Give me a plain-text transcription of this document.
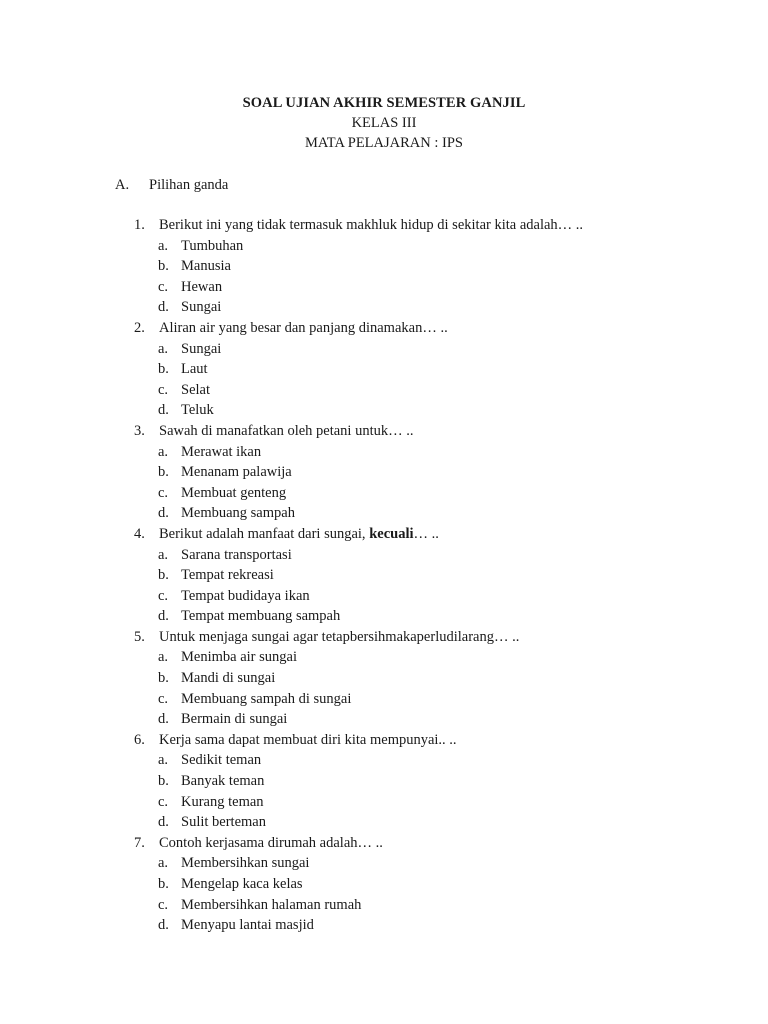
SOAL UJIAN AKHIR SEMESTER GANJIL
KELAS III
MATA PELAJARAN : IPS
A.	Pilihan ganda
1. Berikut ini yang tidak termasuk makhluk hidup di sekitar kita adalah… ..
a. Tumbuhan
b. Manusia
c. Hewan
d. Sungai
2. Aliran air yang besar dan panjang dinamakan… ..
a. Sungai
b. Laut
c. Selat
d. Teluk
3. Sawah di manafatkan oleh petani untuk… ..
a. Merawat ikan
b. Menanam palawija
c. Membuat genteng
d. Membuang sampah
4. Berikut adalah manfaat dari sungai, kecuali … ..
a. Sarana transportasi
b. Tempat rekreasi
c. Tempat budidaya ikan
d. Tempat membuang sampah
5. Untuk menjaga sungai agar tetapbersihmakaperludilarang… ..
a. Menimba air sungai
b. Mandi di sungai
c. Membuang sampah di sungai
d. Bermain di sungai
6. Kerja sama dapat membuat diri kita mempunyai.. ..
a. Sedikit teman
b. Banyak teman
c. Kurang teman
d. Sulit berteman
7. Contoh kerjasama dirumah adalah… ..
a. Membersihkan sungai
b. Mengelap kaca kelas
c. Membersihkan halaman rumah
d. Menyapu lantai masjid
